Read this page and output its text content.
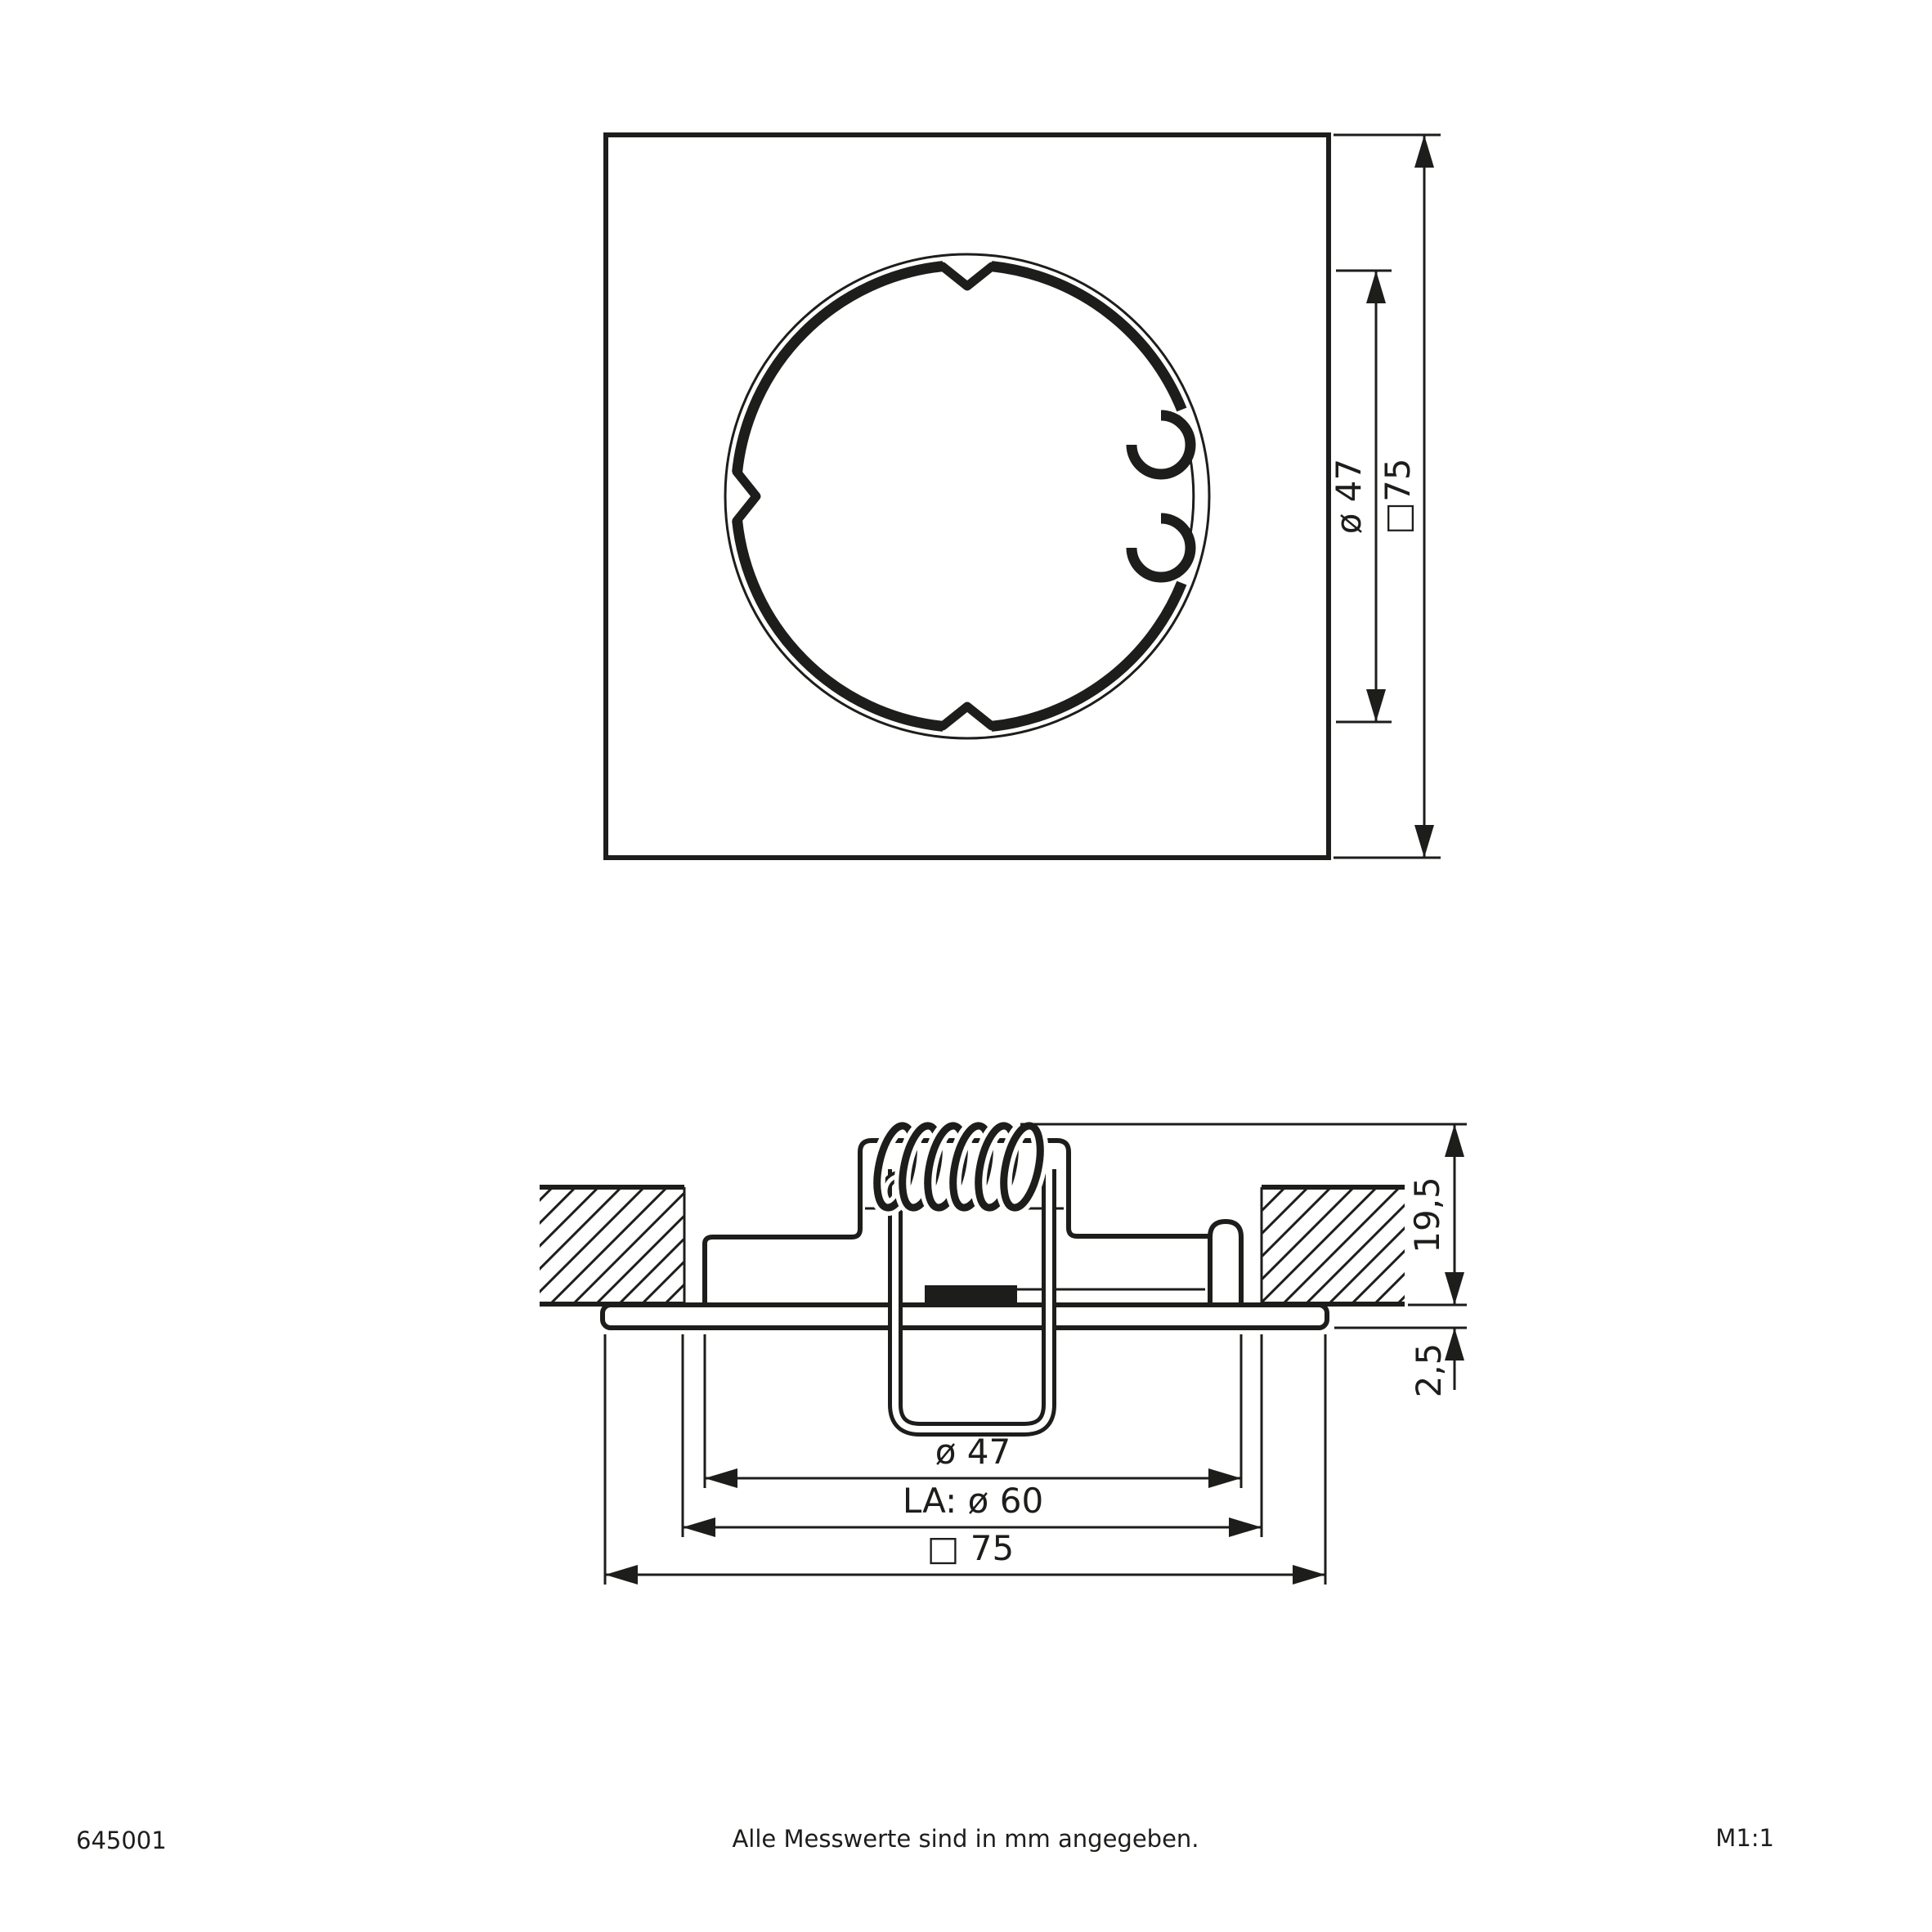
ø 47 □75
19,5
2,5
ø 47
LA: ø 60
□ 75
645001	Alle Messwerte sind in mm angegeben.	M1:1
